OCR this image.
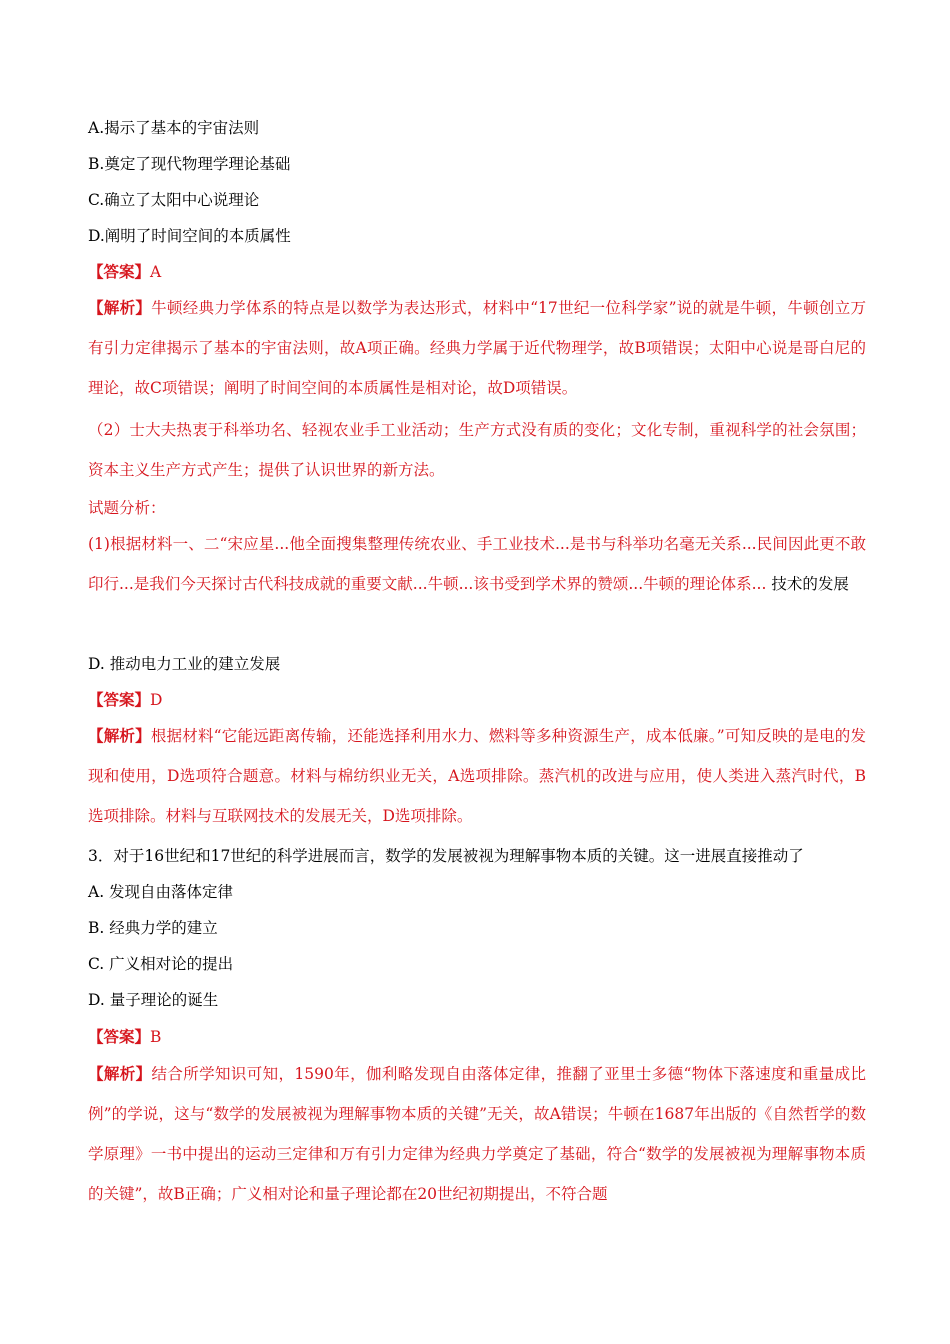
A.揭示了基本的宇宙法则
B.奠定了现代物理学理论基础
C.确立了太阳中心说理论
D.阐明了时间空间的本质属性
【答案】A
【解析】牛顿经典力学体系的特点是以数学为表达形式，材料中“17世纪一位科学家”说的就是牛顿，牛顿创立万有引力定律揭示了基本的宇宙法则，故A项正确。经典力学属于近代物理学，故B项错误；太阳中心说是哥白尼的理论，故C项错误；阐明了时间空间的本质属性是相对论，故D项错误。
（2）士大夫热衷于科举功名、轻视农业手工业活动；生产方式没有质的变化；文化专制，重视科学的社会氛围；资本主义生产方式产生；提供了认识世界的新方法。
试题分析：
(1)根据材料一、二“宋应星...他全面搜集整理传统农业、手工业技术...是书与科举功名毫无关系...民间因此更不敢印行...是我们今天探讨古代科技成就的重要文献...牛顿...该书受到学术界的赞颂...牛顿的理论体系... 技术的发展
D. 推动电力工业的建立发展
【答案】D
【解析】根据材料“它能远距离传输，还能选择利用水力、燃料等多种资源生产，成本低廉。”可知反映的是电的发现和使用，D选项符合题意。材料与棉纺织业无关，A选项排除。蒸汽机的改进与应用，使人类进入蒸汽时代，B选项排除。材料与互联网技术的发展无关，D选项排除。
3．对于16世纪和17世纪的科学进展而言，数学的发展被视为理解事物本质的关键。这一进展直接推动了
A. 发现自由落体定律
B. 经典力学的建立
C. 广义相对论的提出
D. 量子理论的诞生
【答案】B
【解析】结合所学知识可知，1590年，伽利略发现自由落体定律，推翻了亚里士多德“物体下落速度和重量成比例”的学说，这与“数学的发展被视为理解事物本质的关键”无关，故A错误；牛顿在1687年出版的《自然哲学的数学原理》一书中提出的运动三定律和万有引力定律为经典力学奠定了基础，符合“数学的发展被视为理解事物本质的关键”，故B正确；广义相对论和量子理论都在20世纪初期提出，不符合题
